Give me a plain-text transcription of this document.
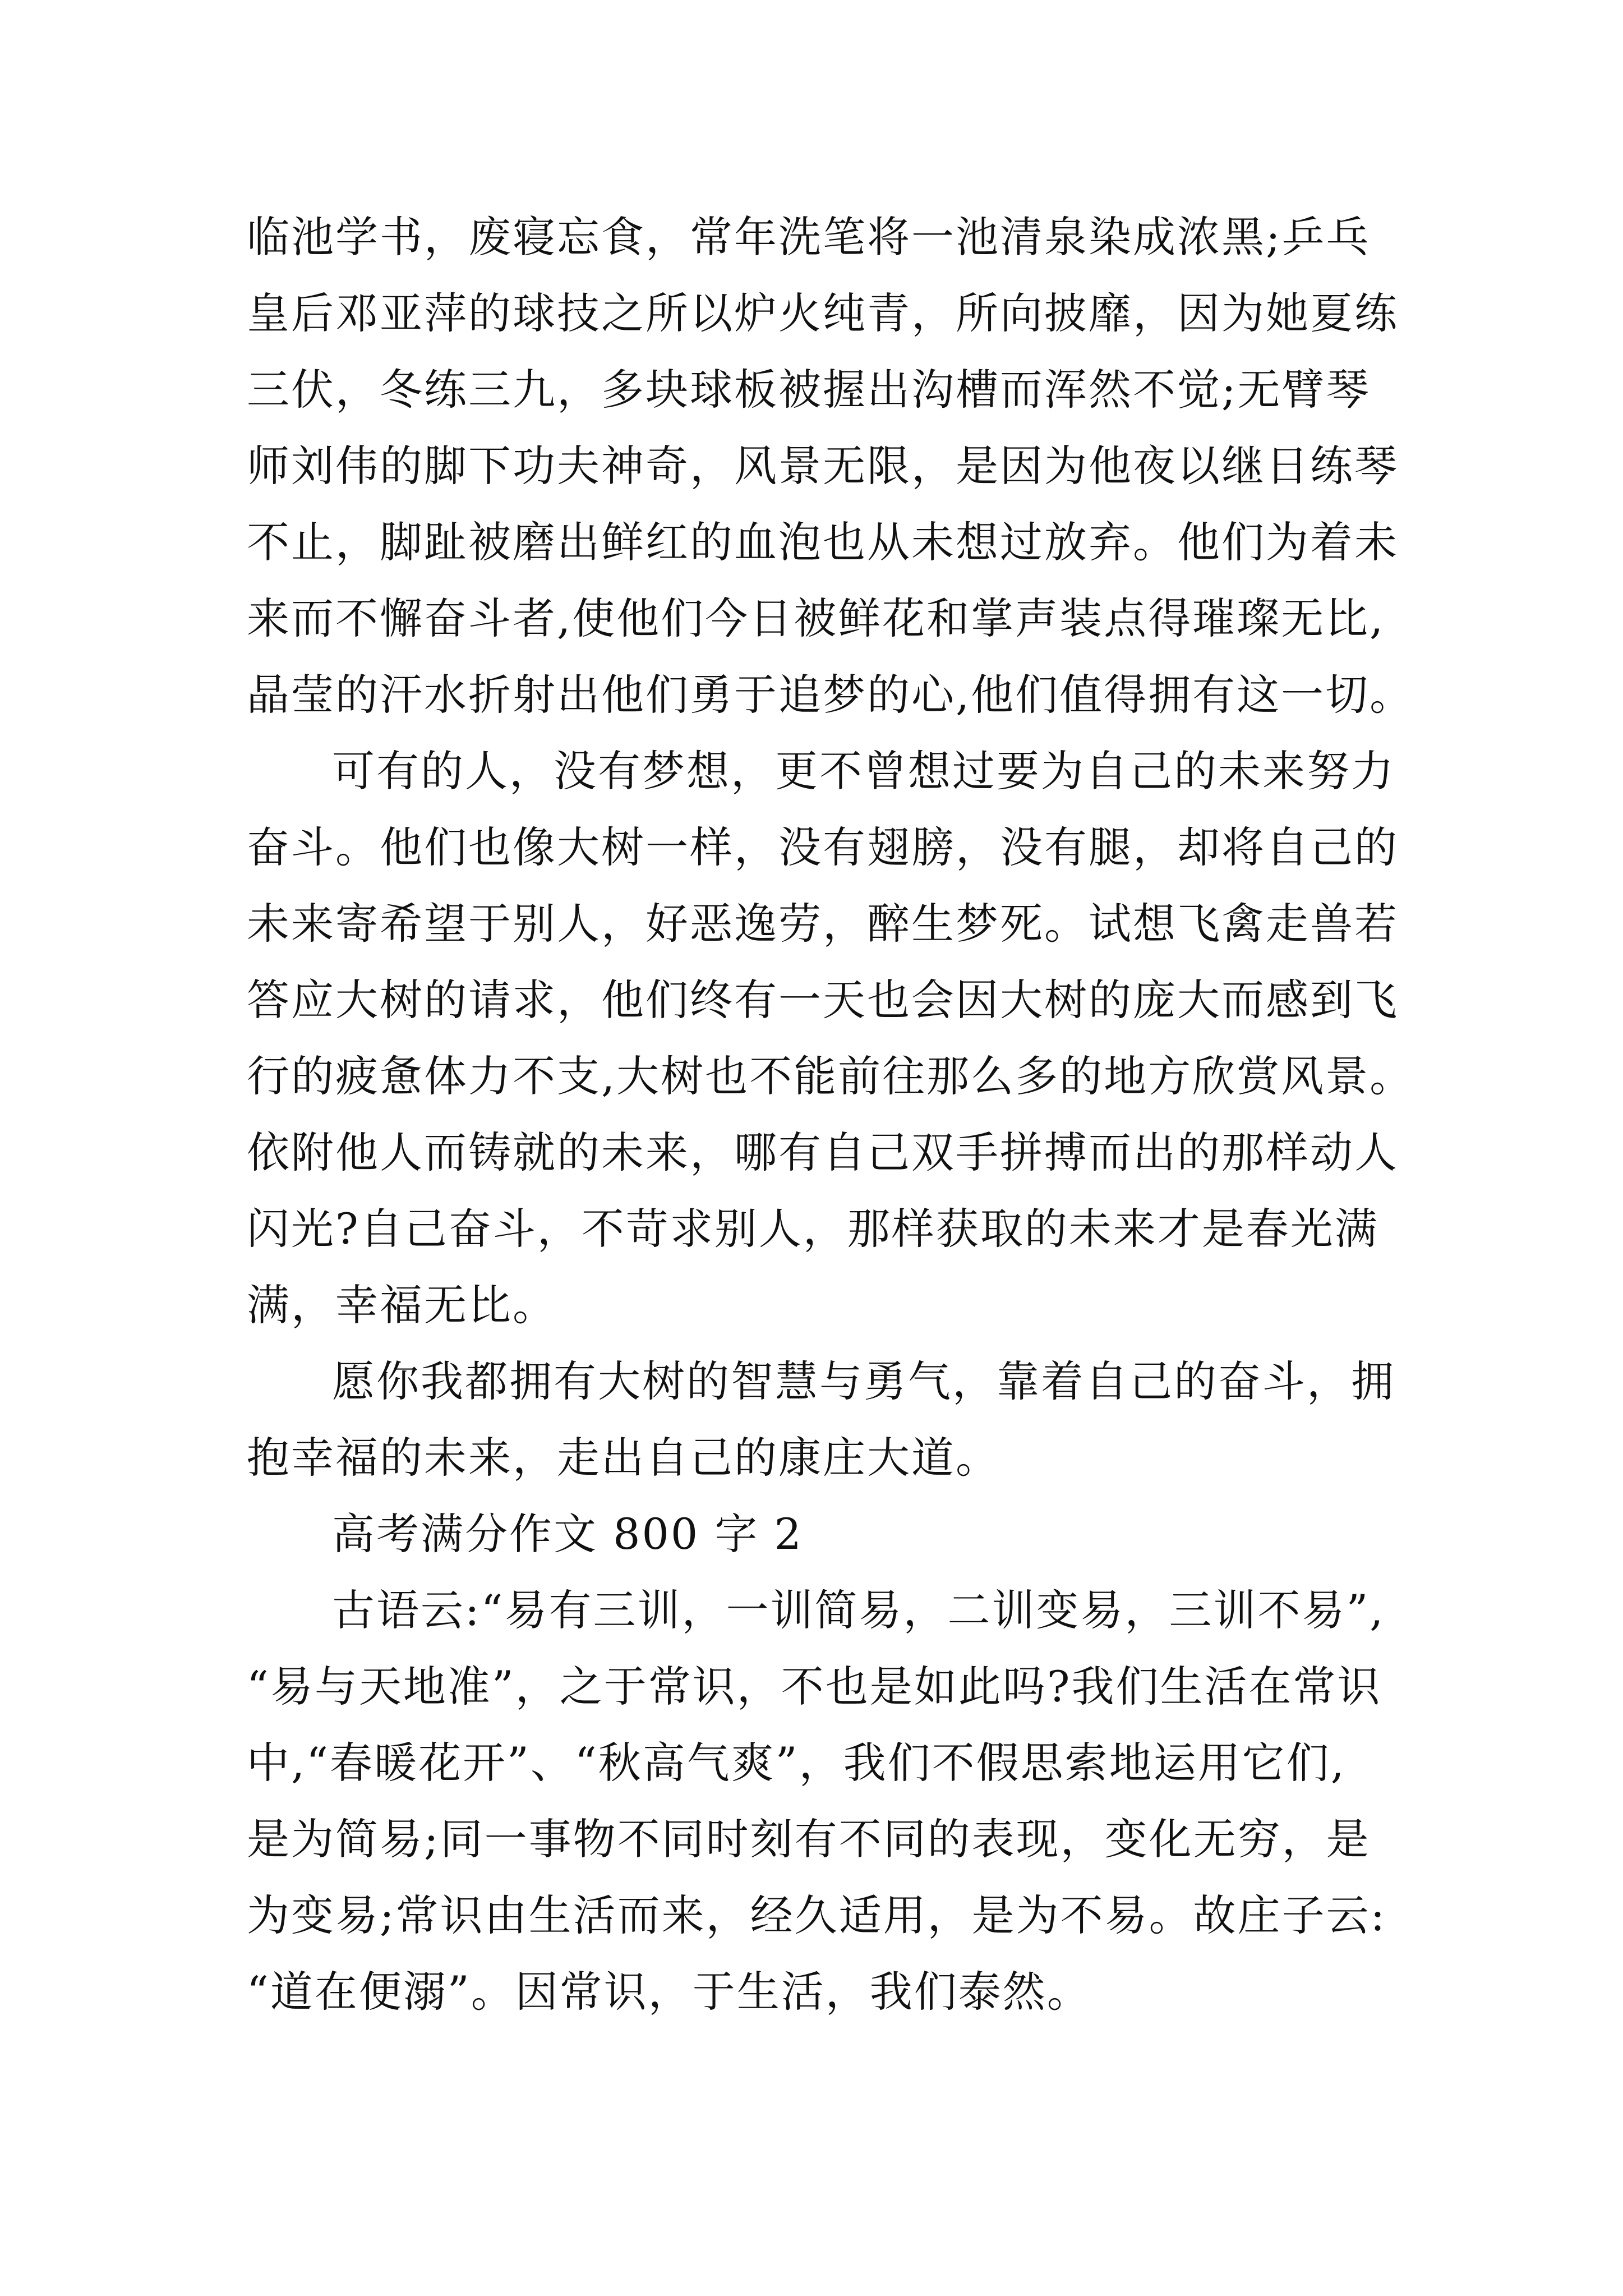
临池学书，废寝忘食，常年洗笔将一池清泉染成浓黑;乒乓
皇后邓亚萍的球技之所以炉火纯青，所向披靡，因为她夏练
三伏，冬练三九，多块球板被握出沟槽而浑然不觉;无臂琴
师刘伟的脚下功夫神奇，风景无限，是因为他夜以继日练琴
不止，脚趾被磨出鲜红的血泡也从未想过放弃。他们为着未
来而不懈奋斗者,使他们今日被鲜花和掌声装点得璀璨无比,
晶莹的汗水折射出他们勇于追梦的心,他们值得拥有这一切。
可有的人，没有梦想，更不曾想过要为自己的未来努力
奋斗。他们也像大树一样，没有翅膀，没有腿，却将自己的
未来寄希望于别人，好恶逸劳，醉生梦死。试想飞禽走兽若
答应大树的请求，他们终有一天也会因大树的庞大而感到飞
行的疲惫体力不支,大树也不能前往那么多的地方欣赏风景。
依附他人而铸就的未来，哪有自己双手拼搏而出的那样动人
闪光?自己奋斗，不苛求别人，那样获取的未来才是春光满
满，幸福无比。
愿你我都拥有大树的智慧与勇气，靠着自己的奋斗，拥
抱幸福的未来，走出自己的康庄大道。
高考满分作文 800 字 2
古语云:“易有三训，一训简易，二训变易，三训不易”,
“易与天地准”，之于常识，不也是如此吗?我们生活在常识
中,“春暖花开”、“秋高气爽”，我们不假思索地运用它们,
是为简易;同一事物不同时刻有不同的表现，变化无穷，是
为变易;常识由生活而来，经久适用，是为不易。故庄子云:
“道在便溺”。因常识，于生活，我们泰然。
